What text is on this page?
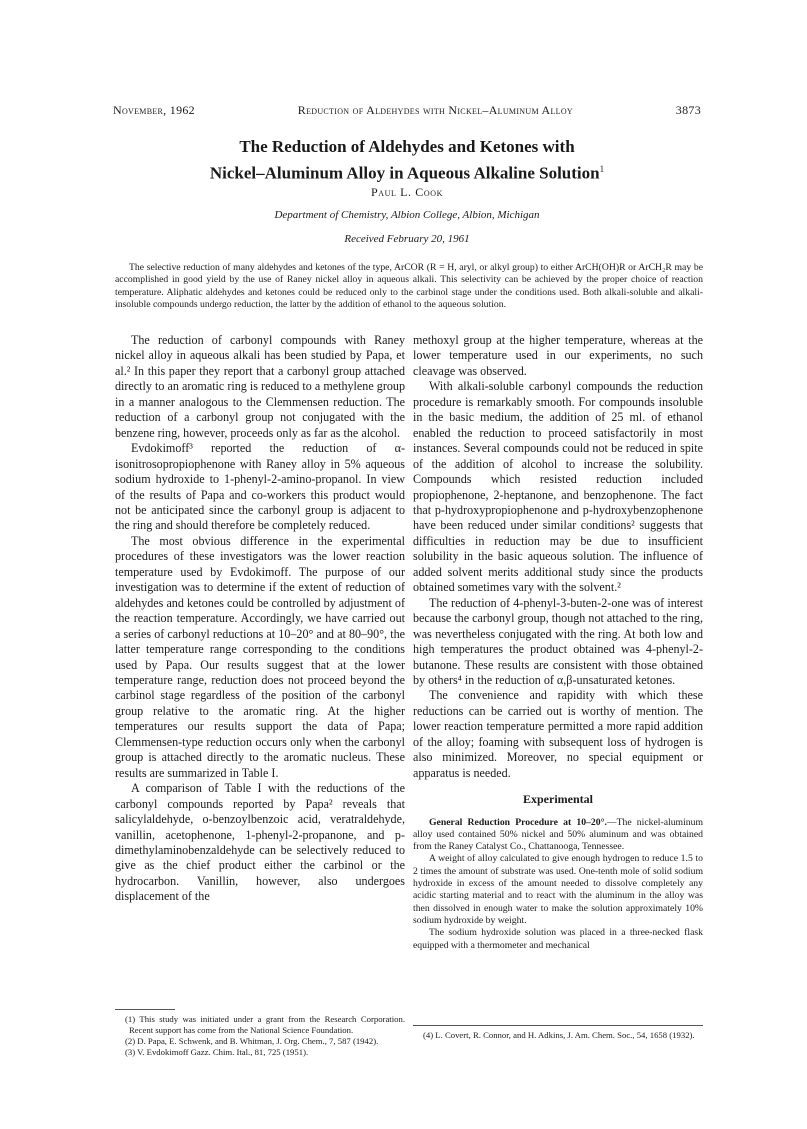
November, 1962	Reduction of Aldehydes with Nickel–Aluminum Alloy	3873
The Reduction of Aldehydes and Ketones with
Nickel–Aluminum Alloy in Aqueous Alkaline Solution$^1$
Paul L. Cook
Department of Chemistry, Albion College, Albion, Michigan
Received February 20, 1961

The selective reduction of many aldehydes and ketones of the type, ArCOR (R = H, aryl, or alkyl group) to either ArCH(OH)R or ArCH₂R may be accomplished in good yield by the use of Raney nickel alloy in aqueous alkali. This selectivity can be achieved by the proper choice of reaction temperature. Aliphatic aldehydes and ketones could be reduced only to the carbinol stage under the conditions used. Both alkali-soluble and alkali-insoluble compounds undergo reduction, the latter by the addition of ethanol to the aqueous solution.

The reduction of carbonyl compounds with Raney nickel alloy in aqueous alkali has been studied by Papa, et al.² In this paper they report that a carbonyl group attached directly to an aromatic ring is reduced to a methylene group in a manner analogous to the Clemmensen reduction. The reduction of a carbonyl group not conjugated with the benzene ring, however, proceeds only as far as the alcohol.

Evdokimoff³ reported the reduction of α-isonitrosopropiophenone with Raney alloy in 5% aqueous sodium hydroxide to 1-phenyl-2-amino-propanol. In view of the results of Papa and co-workers this product would not be anticipated since the carbonyl group is adjacent to the ring and should therefore be completely reduced.

The most obvious difference in the experimental procedures of these investigators was the lower reaction temperature used by Evdokimoff. The purpose of our investigation was to determine if the extent of reduction of aldehydes and ketones could be controlled by adjustment of the reaction temperature. Accordingly, we have carried out a series of carbonyl reductions at 10–20° and at 80–90°, the latter temperature range corresponding to the conditions used by Papa. Our results suggest that at the lower temperature range, reduction does not proceed beyond the carbinol stage regardless of the position of the carbonyl group relative to the aromatic ring. At the higher temperatures our results support the data of Papa; Clemmensen-type reduction occurs only when the carbonyl group is attached directly to the aromatic nucleus. These results are summarized in Table I.

A comparison of Table I with the reductions of the carbonyl compounds reported by Papa² reveals that salicylaldehyde, o-benzoylbenzoic acid, veratraldehyde, vanillin, acetophenone, 1-phenyl-2-propanone, and p-dimethylaminobenzaldehyde can be selectively reduced to give as the chief product either the carbinol or the hydrocarbon. Vanillin, however, also undergoes displacement of the

methoxyl group at the higher temperature, whereas at the lower temperature used in our experiments, no such cleavage was observed.

With alkali-soluble carbonyl compounds the reduction procedure is remarkably smooth. For compounds insoluble in the basic medium, the addition of 25 ml. of ethanol enabled the reduction to proceed satisfactorily in most instances. Several compounds could not be reduced in spite of the addition of alcohol to increase the solubility. Compounds which resisted reduction included propiophenone, 2-heptanone, and benzophenone. The fact that p-hydroxypropiophenone and p-hydroxybenzophenone have been reduced under similar conditions² suggests that difficulties in reduction may be due to insufficient solubility in the basic aqueous solution. The influence of added solvent merits additional study since the products obtained sometimes vary with the solvent.²

The reduction of 4-phenyl-3-buten-2-one was of interest because the carbonyl group, though not attached to the ring, was nevertheless conjugated with the ring. At both low and high temperatures the product obtained was 4-phenyl-2-butanone. These results are consistent with those obtained by others⁴ in the reduction of α,β-unsaturated ketones.

The convenience and rapidity with which these reductions can be carried out is worthy of mention. The lower reaction temperature permitted a more rapid addition of the alloy; foaming with subsequent loss of hydrogen is also minimized. Moreover, no special equipment or apparatus is needed.

Experimental

General Reduction Procedure at 10–20°.—The nickel-aluminum alloy used contained 50% nickel and 50% aluminum and was obtained from the Raney Catalyst Co., Chattanooga, Tennessee.

A weight of alloy calculated to give enough hydrogen to reduce 1.5 to 2 times the amount of substrate was used. One-tenth mole of solid sodium hydroxide in excess of the amount needed to dissolve completely any acidic starting material and to react with the aluminum in the alloy was then dissolved in enough water to make the solution approximately 10% sodium hydroxide by weight.

The sodium hydroxide solution was placed in a three-necked flask equipped with a thermometer and mechanical

(1) This study was initiated under a grant from the Research Corporation. Recent support has come from the National Science Foundation.

(2) D. Papa, E. Schwenk, and B. Whitman, J. Org. Chem., 7, 587 (1942).

(3) V. Evdokimoff Gazz. Chim. Ital., 81, 725 (1951).

(4) L. Covert, R. Connor, and H. Adkins, J. Am. Chem. Soc., 54, 1658 (1932).
